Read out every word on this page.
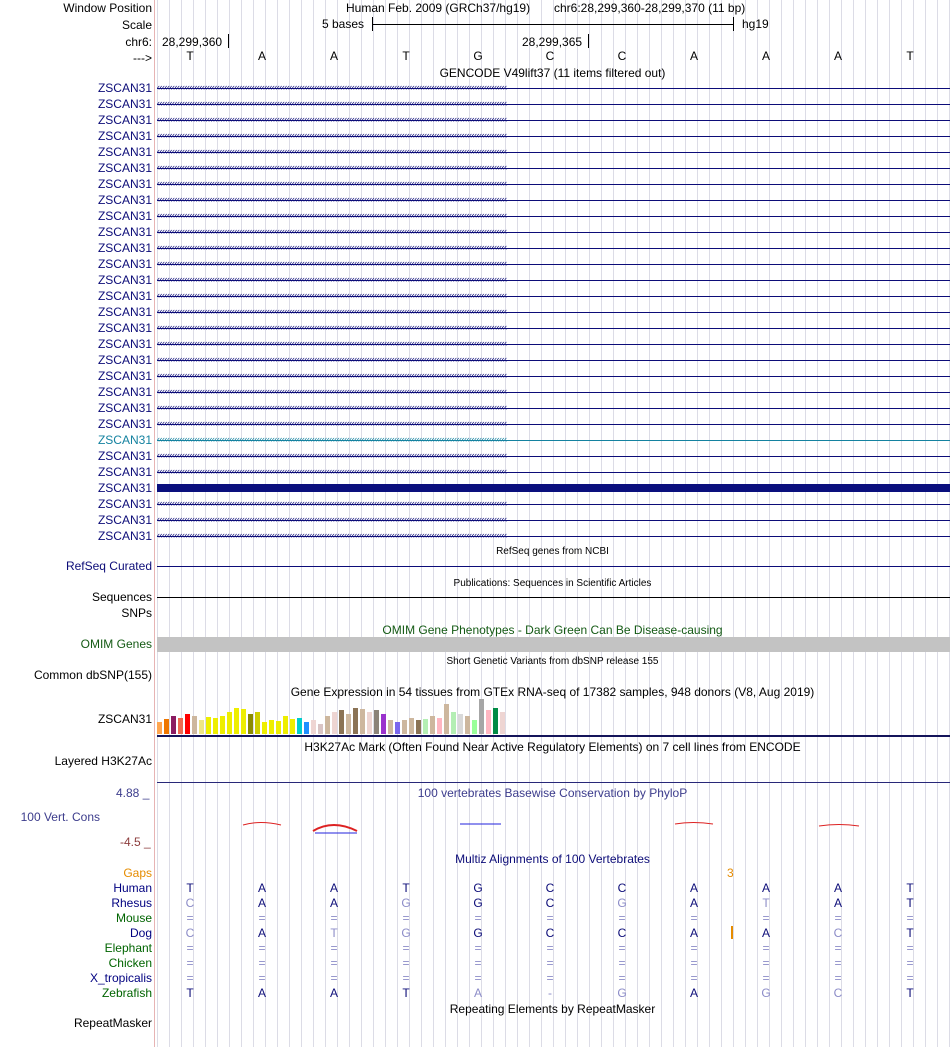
Window Position	Human Feb. 2009 (GRCh37/hg19) chr6:28,299,360-28,299,370 (11 bp)
Scale	5 bases	hg19
chr6: 28,299,360	28,299,365
--->	T	A	A	T	G	C	C	A	A	A	T
GENCODE V49lift37 (11 items filtered out)
ZSCAN31 ‹‹‹‹‹‹‹‹‹‹‹‹‹‹‹‹‹‹‹‹‹‹‹‹‹‹‹‹‹‹‹‹‹‹‹‹‹‹‹‹‹‹‹‹‹‹‹‹‹‹‹‹‹‹‹‹‹‹‹‹‹‹‹‹‹‹‹‹‹‹‹‹‹‹‹‹‹‹‹‹‹‹‹‹‹‹‹‹‹‹‹‹‹‹‹‹‹‹‹‹‹‹‹‹‹‹‹‹‹‹‹‹‹‹‹‹‹‹‹‹‹‹‹‹‹‹‹‹‹‹‹‹‹‹‹‹‹‹‹‹
ZSCAN31 ‹‹‹‹‹‹‹‹‹‹‹‹‹‹‹‹‹‹‹‹‹‹‹‹‹‹‹‹‹‹‹‹‹‹‹‹‹‹‹‹‹‹‹‹‹‹‹‹‹‹‹‹‹‹‹‹‹‹‹‹‹‹‹‹‹‹‹‹‹‹‹‹‹‹‹‹‹‹‹‹‹‹‹‹‹‹‹‹‹‹‹‹‹‹‹‹‹‹‹‹‹‹‹‹‹‹‹‹‹‹‹‹‹‹‹‹‹‹‹‹‹‹‹‹‹‹‹‹‹‹‹‹‹‹‹‹‹‹‹‹
ZSCAN31 ‹‹‹‹‹‹‹‹‹‹‹‹‹‹‹‹‹‹‹‹‹‹‹‹‹‹‹‹‹‹‹‹‹‹‹‹‹‹‹‹‹‹‹‹‹‹‹‹‹‹‹‹‹‹‹‹‹‹‹‹‹‹‹‹‹‹‹‹‹‹‹‹‹‹‹‹‹‹‹‹‹‹‹‹‹‹‹‹‹‹‹‹‹‹‹‹‹‹‹‹‹‹‹‹‹‹‹‹‹‹‹‹‹‹‹‹‹‹‹‹‹‹‹‹‹‹‹‹‹‹‹‹‹‹‹‹‹‹‹‹
ZSCAN31 ‹‹‹‹‹‹‹‹‹‹‹‹‹‹‹‹‹‹‹‹‹‹‹‹‹‹‹‹‹‹‹‹‹‹‹‹‹‹‹‹‹‹‹‹‹‹‹‹‹‹‹‹‹‹‹‹‹‹‹‹‹‹‹‹‹‹‹‹‹‹‹‹‹‹‹‹‹‹‹‹‹‹‹‹‹‹‹‹‹‹‹‹‹‹‹‹‹‹‹‹‹‹‹‹‹‹‹‹‹‹‹‹‹‹‹‹‹‹‹‹‹‹‹‹‹‹‹‹‹‹‹‹‹‹‹‹‹‹‹‹
ZSCAN31 ‹‹‹‹‹‹‹‹‹‹‹‹‹‹‹‹‹‹‹‹‹‹‹‹‹‹‹‹‹‹‹‹‹‹‹‹‹‹‹‹‹‹‹‹‹‹‹‹‹‹‹‹‹‹‹‹‹‹‹‹‹‹‹‹‹‹‹‹‹‹‹‹‹‹‹‹‹‹‹‹‹‹‹‹‹‹‹‹‹‹‹‹‹‹‹‹‹‹‹‹‹‹‹‹‹‹‹‹‹‹‹‹‹‹‹‹‹‹‹‹‹‹‹‹‹‹‹‹‹‹‹‹‹‹‹‹‹‹‹‹
ZSCAN31 ‹‹‹‹‹‹‹‹‹‹‹‹‹‹‹‹‹‹‹‹‹‹‹‹‹‹‹‹‹‹‹‹‹‹‹‹‹‹‹‹‹‹‹‹‹‹‹‹‹‹‹‹‹‹‹‹‹‹‹‹‹‹‹‹‹‹‹‹‹‹‹‹‹‹‹‹‹‹‹‹‹‹‹‹‹‹‹‹‹‹‹‹‹‹‹‹‹‹‹‹‹‹‹‹‹‹‹‹‹‹‹‹‹‹‹‹‹‹‹‹‹‹‹‹‹‹‹‹‹‹‹‹‹‹‹‹‹‹‹‹
ZSCAN31 ‹‹‹‹‹‹‹‹‹‹‹‹‹‹‹‹‹‹‹‹‹‹‹‹‹‹‹‹‹‹‹‹‹‹‹‹‹‹‹‹‹‹‹‹‹‹‹‹‹‹‹‹‹‹‹‹‹‹‹‹‹‹‹‹‹‹‹‹‹‹‹‹‹‹‹‹‹‹‹‹‹‹‹‹‹‹‹‹‹‹‹‹‹‹‹‹‹‹‹‹‹‹‹‹‹‹‹‹‹‹‹‹‹‹‹‹‹‹‹‹‹‹‹‹‹‹‹‹‹‹‹‹‹‹‹‹‹‹‹‹
ZSCAN31 ‹‹‹‹‹‹‹‹‹‹‹‹‹‹‹‹‹‹‹‹‹‹‹‹‹‹‹‹‹‹‹‹‹‹‹‹‹‹‹‹‹‹‹‹‹‹‹‹‹‹‹‹‹‹‹‹‹‹‹‹‹‹‹‹‹‹‹‹‹‹‹‹‹‹‹‹‹‹‹‹‹‹‹‹‹‹‹‹‹‹‹‹‹‹‹‹‹‹‹‹‹‹‹‹‹‹‹‹‹‹‹‹‹‹‹‹‹‹‹‹‹‹‹‹‹‹‹‹‹‹‹‹‹‹‹‹‹‹‹‹
ZSCAN31 ‹‹‹‹‹‹‹‹‹‹‹‹‹‹‹‹‹‹‹‹‹‹‹‹‹‹‹‹‹‹‹‹‹‹‹‹‹‹‹‹‹‹‹‹‹‹‹‹‹‹‹‹‹‹‹‹‹‹‹‹‹‹‹‹‹‹‹‹‹‹‹‹‹‹‹‹‹‹‹‹‹‹‹‹‹‹‹‹‹‹‹‹‹‹‹‹‹‹‹‹‹‹‹‹‹‹‹‹‹‹‹‹‹‹‹‹‹‹‹‹‹‹‹‹‹‹‹‹‹‹‹‹‹‹‹‹‹‹‹‹
ZSCAN31 ‹‹‹‹‹‹‹‹‹‹‹‹‹‹‹‹‹‹‹‹‹‹‹‹‹‹‹‹‹‹‹‹‹‹‹‹‹‹‹‹‹‹‹‹‹‹‹‹‹‹‹‹‹‹‹‹‹‹‹‹‹‹‹‹‹‹‹‹‹‹‹‹‹‹‹‹‹‹‹‹‹‹‹‹‹‹‹‹‹‹‹‹‹‹‹‹‹‹‹‹‹‹‹‹‹‹‹‹‹‹‹‹‹‹‹‹‹‹‹‹‹‹‹‹‹‹‹‹‹‹‹‹‹‹‹‹‹‹‹‹
ZSCAN31 ‹‹‹‹‹‹‹‹‹‹‹‹‹‹‹‹‹‹‹‹‹‹‹‹‹‹‹‹‹‹‹‹‹‹‹‹‹‹‹‹‹‹‹‹‹‹‹‹‹‹‹‹‹‹‹‹‹‹‹‹‹‹‹‹‹‹‹‹‹‹‹‹‹‹‹‹‹‹‹‹‹‹‹‹‹‹‹‹‹‹‹‹‹‹‹‹‹‹‹‹‹‹‹‹‹‹‹‹‹‹‹‹‹‹‹‹‹‹‹‹‹‹‹‹‹‹‹‹‹‹‹‹‹‹‹‹‹‹‹‹
ZSCAN31 ‹‹‹‹‹‹‹‹‹‹‹‹‹‹‹‹‹‹‹‹‹‹‹‹‹‹‹‹‹‹‹‹‹‹‹‹‹‹‹‹‹‹‹‹‹‹‹‹‹‹‹‹‹‹‹‹‹‹‹‹‹‹‹‹‹‹‹‹‹‹‹‹‹‹‹‹‹‹‹‹‹‹‹‹‹‹‹‹‹‹‹‹‹‹‹‹‹‹‹‹‹‹‹‹‹‹‹‹‹‹‹‹‹‹‹‹‹‹‹‹‹‹‹‹‹‹‹‹‹‹‹‹‹‹‹‹‹‹‹‹
ZSCAN31 ‹‹‹‹‹‹‹‹‹‹‹‹‹‹‹‹‹‹‹‹‹‹‹‹‹‹‹‹‹‹‹‹‹‹‹‹‹‹‹‹‹‹‹‹‹‹‹‹‹‹‹‹‹‹‹‹‹‹‹‹‹‹‹‹‹‹‹‹‹‹‹‹‹‹‹‹‹‹‹‹‹‹‹‹‹‹‹‹‹‹‹‹‹‹‹‹‹‹‹‹‹‹‹‹‹‹‹‹‹‹‹‹‹‹‹‹‹‹‹‹‹‹‹‹‹‹‹‹‹‹‹‹‹‹‹‹‹‹‹‹
ZSCAN31 ‹‹‹‹‹‹‹‹‹‹‹‹‹‹‹‹‹‹‹‹‹‹‹‹‹‹‹‹‹‹‹‹‹‹‹‹‹‹‹‹‹‹‹‹‹‹‹‹‹‹‹‹‹‹‹‹‹‹‹‹‹‹‹‹‹‹‹‹‹‹‹‹‹‹‹‹‹‹‹‹‹‹‹‹‹‹‹‹‹‹‹‹‹‹‹‹‹‹‹‹‹‹‹‹‹‹‹‹‹‹‹‹‹‹‹‹‹‹‹‹‹‹‹‹‹‹‹‹‹‹‹‹‹‹‹‹‹‹‹‹
ZSCAN31 ‹‹‹‹‹‹‹‹‹‹‹‹‹‹‹‹‹‹‹‹‹‹‹‹‹‹‹‹‹‹‹‹‹‹‹‹‹‹‹‹‹‹‹‹‹‹‹‹‹‹‹‹‹‹‹‹‹‹‹‹‹‹‹‹‹‹‹‹‹‹‹‹‹‹‹‹‹‹‹‹‹‹‹‹‹‹‹‹‹‹‹‹‹‹‹‹‹‹‹‹‹‹‹‹‹‹‹‹‹‹‹‹‹‹‹‹‹‹‹‹‹‹‹‹‹‹‹‹‹‹‹‹‹‹‹‹‹‹‹‹
ZSCAN31 ‹‹‹‹‹‹‹‹‹‹‹‹‹‹‹‹‹‹‹‹‹‹‹‹‹‹‹‹‹‹‹‹‹‹‹‹‹‹‹‹‹‹‹‹‹‹‹‹‹‹‹‹‹‹‹‹‹‹‹‹‹‹‹‹‹‹‹‹‹‹‹‹‹‹‹‹‹‹‹‹‹‹‹‹‹‹‹‹‹‹‹‹‹‹‹‹‹‹‹‹‹‹‹‹‹‹‹‹‹‹‹‹‹‹‹‹‹‹‹‹‹‹‹‹‹‹‹‹‹‹‹‹‹‹‹‹‹‹‹‹
ZSCAN31 ‹‹‹‹‹‹‹‹‹‹‹‹‹‹‹‹‹‹‹‹‹‹‹‹‹‹‹‹‹‹‹‹‹‹‹‹‹‹‹‹‹‹‹‹‹‹‹‹‹‹‹‹‹‹‹‹‹‹‹‹‹‹‹‹‹‹‹‹‹‹‹‹‹‹‹‹‹‹‹‹‹‹‹‹‹‹‹‹‹‹‹‹‹‹‹‹‹‹‹‹‹‹‹‹‹‹‹‹‹‹‹‹‹‹‹‹‹‹‹‹‹‹‹‹‹‹‹‹‹‹‹‹‹‹‹‹‹‹‹‹
ZSCAN31 ‹‹‹‹‹‹‹‹‹‹‹‹‹‹‹‹‹‹‹‹‹‹‹‹‹‹‹‹‹‹‹‹‹‹‹‹‹‹‹‹‹‹‹‹‹‹‹‹‹‹‹‹‹‹‹‹‹‹‹‹‹‹‹‹‹‹‹‹‹‹‹‹‹‹‹‹‹‹‹‹‹‹‹‹‹‹‹‹‹‹‹‹‹‹‹‹‹‹‹‹‹‹‹‹‹‹‹‹‹‹‹‹‹‹‹‹‹‹‹‹‹‹‹‹‹‹‹‹‹‹‹‹‹‹‹‹‹‹‹‹
ZSCAN31 ‹‹‹‹‹‹‹‹‹‹‹‹‹‹‹‹‹‹‹‹‹‹‹‹‹‹‹‹‹‹‹‹‹‹‹‹‹‹‹‹‹‹‹‹‹‹‹‹‹‹‹‹‹‹‹‹‹‹‹‹‹‹‹‹‹‹‹‹‹‹‹‹‹‹‹‹‹‹‹‹‹‹‹‹‹‹‹‹‹‹‹‹‹‹‹‹‹‹‹‹‹‹‹‹‹‹‹‹‹‹‹‹‹‹‹‹‹‹‹‹‹‹‹‹‹‹‹‹‹‹‹‹‹‹‹‹‹‹‹‹
ZSCAN31 ‹‹‹‹‹‹‹‹‹‹‹‹‹‹‹‹‹‹‹‹‹‹‹‹‹‹‹‹‹‹‹‹‹‹‹‹‹‹‹‹‹‹‹‹‹‹‹‹‹‹‹‹‹‹‹‹‹‹‹‹‹‹‹‹‹‹‹‹‹‹‹‹‹‹‹‹‹‹‹‹‹‹‹‹‹‹‹‹‹‹‹‹‹‹‹‹‹‹‹‹‹‹‹‹‹‹‹‹‹‹‹‹‹‹‹‹‹‹‹‹‹‹‹‹‹‹‹‹‹‹‹‹‹‹‹‹‹‹‹‹
ZSCAN31 ‹‹‹‹‹‹‹‹‹‹‹‹‹‹‹‹‹‹‹‹‹‹‹‹‹‹‹‹‹‹‹‹‹‹‹‹‹‹‹‹‹‹‹‹‹‹‹‹‹‹‹‹‹‹‹‹‹‹‹‹‹‹‹‹‹‹‹‹‹‹‹‹‹‹‹‹‹‹‹‹‹‹‹‹‹‹‹‹‹‹‹‹‹‹‹‹‹‹‹‹‹‹‹‹‹‹‹‹‹‹‹‹‹‹‹‹‹‹‹‹‹‹‹‹‹‹‹‹‹‹‹‹‹‹‹‹‹‹‹‹
ZSCAN31 ‹‹‹‹‹‹‹‹‹‹‹‹‹‹‹‹‹‹‹‹‹‹‹‹‹‹‹‹‹‹‹‹‹‹‹‹‹‹‹‹‹‹‹‹‹‹‹‹‹‹‹‹‹‹‹‹‹‹‹‹‹‹‹‹‹‹‹‹‹‹‹‹‹‹‹‹‹‹‹‹‹‹‹‹‹‹‹‹‹‹‹‹‹‹‹‹‹‹‹‹‹‹‹‹‹‹‹‹‹‹‹‹‹‹‹‹‹‹‹‹‹‹‹‹‹‹‹‹‹‹‹‹‹‹‹‹‹‹‹‹
ZSCAN31 ‹‹‹‹‹‹‹‹‹‹‹‹‹‹‹‹‹‹‹‹‹‹‹‹‹‹‹‹‹‹‹‹‹‹‹‹‹‹‹‹‹‹‹‹‹‹‹‹‹‹‹‹‹‹‹‹‹‹‹‹‹‹‹‹‹‹‹‹‹‹‹‹‹‹‹‹‹‹‹‹‹‹‹‹‹‹‹‹‹‹‹‹‹‹‹‹‹‹‹‹‹‹‹‹‹‹‹‹‹‹‹‹‹‹‹‹‹‹‹‹‹‹‹‹‹‹‹‹‹‹‹‹‹‹‹‹‹‹‹‹
ZSCAN31 ‹‹‹‹‹‹‹‹‹‹‹‹‹‹‹‹‹‹‹‹‹‹‹‹‹‹‹‹‹‹‹‹‹‹‹‹‹‹‹‹‹‹‹‹‹‹‹‹‹‹‹‹‹‹‹‹‹‹‹‹‹‹‹‹‹‹‹‹‹‹‹‹‹‹‹‹‹‹‹‹‹‹‹‹‹‹‹‹‹‹‹‹‹‹‹‹‹‹‹‹‹‹‹‹‹‹‹‹‹‹‹‹‹‹‹‹‹‹‹‹‹‹‹‹‹‹‹‹‹‹‹‹‹‹‹‹‹‹‹‹
ZSCAN31 ‹‹‹‹‹‹‹‹‹‹‹‹‹‹‹‹‹‹‹‹‹‹‹‹‹‹‹‹‹‹‹‹‹‹‹‹‹‹‹‹‹‹‹‹‹‹‹‹‹‹‹‹‹‹‹‹‹‹‹‹‹‹‹‹‹‹‹‹‹‹‹‹‹‹‹‹‹‹‹‹‹‹‹‹‹‹‹‹‹‹‹‹‹‹‹‹‹‹‹‹‹‹‹‹‹‹‹‹‹‹‹‹‹‹‹‹‹‹‹‹‹‹‹‹‹‹‹‹‹‹‹‹‹‹‹‹‹‹‹‹
ZSCAN31
ZSCAN31 ‹‹‹‹‹‹‹‹‹‹‹‹‹‹‹‹‹‹‹‹‹‹‹‹‹‹‹‹‹‹‹‹‹‹‹‹‹‹‹‹‹‹‹‹‹‹‹‹‹‹‹‹‹‹‹‹‹‹‹‹‹‹‹‹‹‹‹‹‹‹‹‹‹‹‹‹‹‹‹‹‹‹‹‹‹‹‹‹‹‹‹‹‹‹‹‹‹‹‹‹‹‹‹‹‹‹‹‹‹‹‹‹‹‹‹‹‹‹‹‹‹‹‹‹‹‹‹‹‹‹‹‹‹‹‹‹‹‹‹‹
ZSCAN31 ‹‹‹‹‹‹‹‹‹‹‹‹‹‹‹‹‹‹‹‹‹‹‹‹‹‹‹‹‹‹‹‹‹‹‹‹‹‹‹‹‹‹‹‹‹‹‹‹‹‹‹‹‹‹‹‹‹‹‹‹‹‹‹‹‹‹‹‹‹‹‹‹‹‹‹‹‹‹‹‹‹‹‹‹‹‹‹‹‹‹‹‹‹‹‹‹‹‹‹‹‹‹‹‹‹‹‹‹‹‹‹‹‹‹‹‹‹‹‹‹‹‹‹‹‹‹‹‹‹‹‹‹‹‹‹‹‹‹‹‹
ZSCAN31 ‹‹‹‹‹‹‹‹‹‹‹‹‹‹‹‹‹‹‹‹‹‹‹‹‹‹‹‹‹‹‹‹‹‹‹‹‹‹‹‹‹‹‹‹‹‹‹‹‹‹‹‹‹‹‹‹‹‹‹‹‹‹‹‹‹‹‹‹‹‹‹‹‹‹‹‹‹‹‹‹‹‹‹‹‹‹‹‹‹‹‹‹‹‹‹‹‹‹‹‹‹‹‹‹‹‹‹‹‹‹‹‹‹‹‹‹‹‹‹‹‹‹‹‹‹‹‹‹‹‹‹‹‹‹‹‹‹‹‹‹
RefSeq genes from NCBI
RefSeq Curated
Publications: Sequences in Scientific Articles
Sequences
SNPs
OMIM Gene Phenotypes - Dark Green Can Be Disease-causing
OMIM Genes
Short Genetic Variants from dbSNP release 155
Common dbSNP(155)
Gene Expression in 54 tissues from GTEx RNA-seq of 17382 samples, 948 donors (V8, Aug 2019)
ZSCAN31
H3K27Ac Mark (Often Found Near Active Regulatory Elements) on 7 cell lines from ENCODE
Layered H3K27Ac
100 vertebrates Basewise Conservation by PhyloP
4.88 _
100 Vert. Cons
-4.5 _
Multiz Alignments of 100 Vertebrates
Gaps	3
Human	T	A	A	T	G	C	C	A	A	A	T
Rhesus	C	A	A	G	G	C	G	A	T	A	T
Mouse	=	=	=	=	=	=	=	=	=	=	=
Dog	C	A	T	G	G	C	C	A	A	C	T
Elephant	=	=	=	=	=	=	=	=	=	=	=
Chicken	=	=	=	=	=	=	=	=	=	=	=
X_tropicalis	=	=	=	=	=	=	=	=	=	=	=
Zebrafish	T	A	A	T	A	-	G	A	G	C	T
Repeating Elements by RepeatMasker
RepeatMasker
